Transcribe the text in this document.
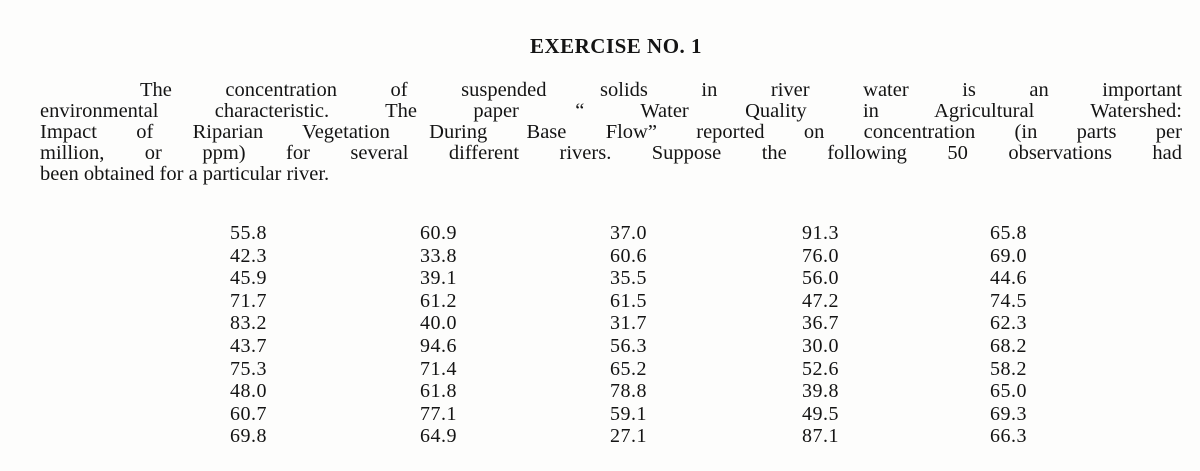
EXERCISE NO. 1
The concentration of suspended solids in river water is an important
environmental characteristic. The paper “ Water Quality in Agricultural Watershed:
Impact of Riparian Vegetation During Base Flow” reported on concentration (in parts per
million, or ppm) for several different rivers. Suppose the following 50 observations had
been obtained for a particular river.
55.8
42.3
45.9
71.7
83.2
43.7
75.3
48.0
60.7
69.8
60.9
33.8
39.1
61.2
40.0
94.6
71.4
61.8
77.1
64.9
37.0
60.6
35.5
61.5
31.7
56.3
65.2
78.8
59.1
27.1
91.3
76.0
56.0
47.2
36.7
30.0
52.6
39.8
49.5
87.1
65.8
69.0
44.6
74.5
62.3
68.2
58.2
65.0
69.3
66.3
